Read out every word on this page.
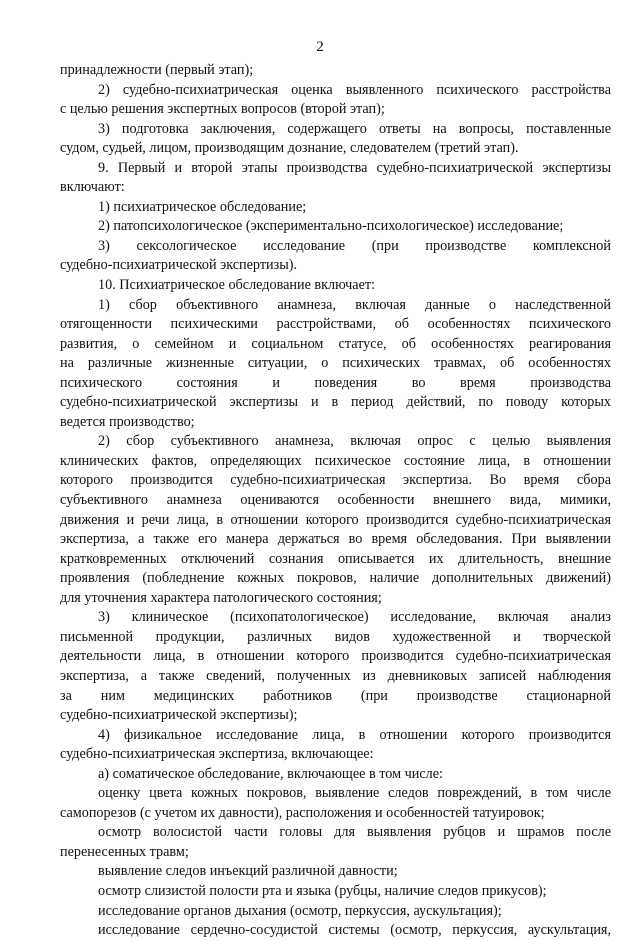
2
принадлежности (первый этап);
2) судебно-психиатрическая оценка выявленного психического расстройства
с целью решения экспертных вопросов (второй этап);
3) подготовка заключения, содержащего ответы на вопросы, поставленные
судом, судьей, лицом, производящим дознание, следователем (третий этап).
9. Первый и второй этапы производства судебно-психиатрической экспертизы
включают:
1) психиатрическое обследование;
2) патопсихологическое (экспериментально-психологическое) исследование;
3) сексологическое исследование (при производстве комплексной
судебно-психиатрической экспертизы).
10. Психиатрическое обследование включает:
1) сбор объективного анамнеза, включая данные о наследственной
отягощенности психическими расстройствами, об особенностях психического
развития, о семейном и социальном статусе, об особенностях реагирования
на различные жизненные ситуации, о психических травмах, об особенностях
психического состояния и поведения во время производства
судебно-психиатрической экспертизы и в период действий, по поводу которых
ведется производство;
2) сбор субъективного анамнеза, включая опрос с целью выявления
клинических фактов, определяющих психическое состояние лица, в отношении
которого производится судебно-психиатрическая экспертиза. Во время сбора
субъективного анамнеза оцениваются особенности внешнего вида, мимики,
движения и речи лица, в отношении которого производится судебно-психиатрическая
экспертиза, а также его манера держаться во время обследования. При выявлении
кратковременных отключений сознания описывается их длительность, внешние
проявления (побледнение кожных покровов, наличие дополнительных движений)
для уточнения характера патологического состояния;
3) клиническое (психопатологическое) исследование, включая анализ
письменной продукции, различных видов художественной и творческой
деятельности лица, в отношении которого производится судебно-психиатрическая
экспертиза, а также сведений, полученных из дневниковых записей наблюдения
за ним медицинских работников (при производстве стационарной
судебно-психиатрической экспертизы);
4) физикальное исследование лица, в отношении которого производится
судебно-психиатрическая экспертиза, включающее:
а) соматическое обследование, включающее в том числе:
оценку цвета кожных покровов, выявление следов повреждений, в том числе
самопорезов (с учетом их давности), расположения и особенностей татуировок;
осмотр волосистой части головы для выявления рубцов и шрамов после
перенесенных травм;
выявление следов инъекций различной давности;
осмотр слизистой полости рта и языка (рубцы, наличие следов прикусов);
исследование органов дыхания (осмотр, перкуссия, аускультация);
исследование сердечно-сосудистой системы (осмотр, перкуссия, аускультация,
